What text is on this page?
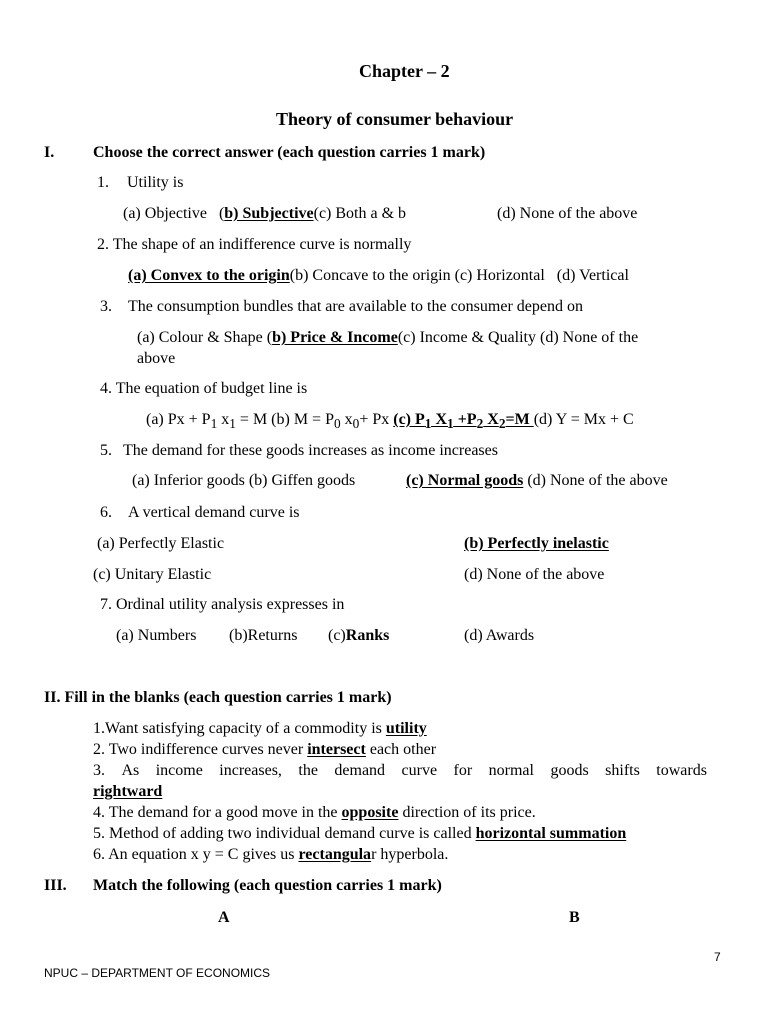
Chapter – 2
Theory of consumer behaviour
I. Choose the correct answer (each question carries 1 mark)
1. Utility is
(a) Objective (b) Subjective(c) Both a & b	(d) None of the above
2. The shape of an indifference curve is normally
(a) Convex to the origin(b) Concave to the origin (c) Horizontal (d) Vertical
3. The consumption bundles that are available to the consumer depend on
(a) Colour & Shape (b) Price & Income(c) Income & Quality (d) None of the
above
4. The equation of budget line is
(a) $Px + P_1$ $x_1 = M$ (b) $M = P_0$ $x_0+ Px$ (c) $P_1$ $X_1 +P_2$ $X_2=M$ (d) Y = Mx + C
5. The demand for these goods increases as income increases
(a) Inferior goods (b) Giffen goods	(c) Normal goods (d) None of the above
6. A vertical demand curve is
(a) Perfectly Elastic	(b) Perfectly inelastic
(c) Unitary Elastic	(d) None of the above
7. Ordinal utility analysis expresses in
(a) Numbers (b)Returns (c)Ranks	(d) Awards
II. Fill in the blanks (each question carries 1 mark)
1.Want satisfying capacity of a commodity is utility
2. Two indifference curves never intersect each other
3. As income increases, the demand curve for normal goods shifts towards
rightward
4. The demand for a good move in the opposite direction of its price.
5. Method of adding two individual demand curve is called horizontal summation
6. An equation x y = C gives us rectangular hyperbola.
III. Match the following (each question carries 1 mark)
A	B
7
NPUC – DEPARTMENT OF ECONOMICS
